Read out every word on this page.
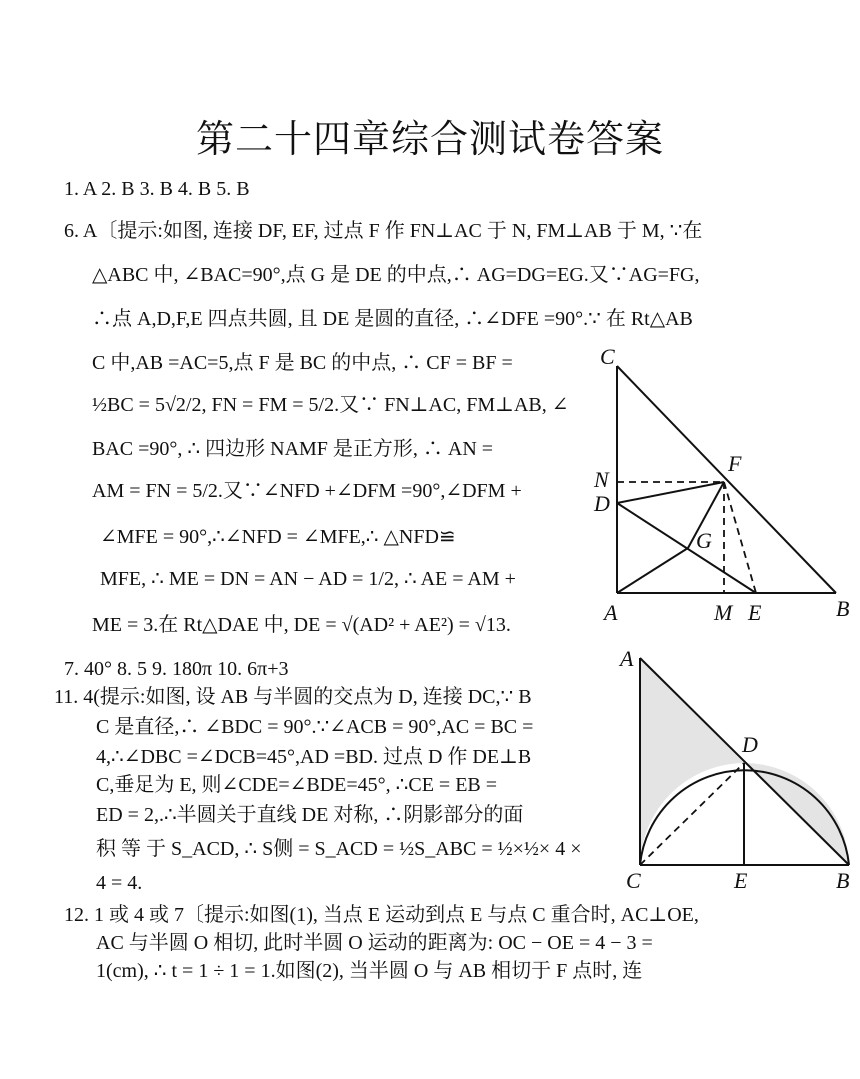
第二十四章综合测试卷答案
1. A 2. B 3. B 4. B 5. B
6. A〔提示:如图, 连接 DF, EF, 过点 F 作 FN⊥AC 于 N, FM⊥AB 于 M, ∵在
△ABC 中, ∠BAC=90°,点 G 是 DE 的中点,∴ AG=DG=EG.又∵AG=FG,
∴点 A,D,F,E 四点共圆, 且 DE 是圆的直径, ∴∠DFE =90°.∵ 在 Rt△AB
C 中,AB =AC=5,点 F 是 BC 的中点, ∴ CF = BF =
½BC = 5√2/2, FN = FM = 5/2.又∵ FN⊥AC, FM⊥AB, ∠
BAC =90°, ∴ 四边形 NAMF 是正方形, ∴ AN =
AM = FN = 5/2.又∵∠NFD +∠DFM =90°,∠DFM +
∠MFE = 90°,∴∠NFD = ∠MFE,∴ △NFD≌
MFE, ∴ ME = DN = AN − AD = 1/2, ∴ AE = AM +
ME = 3.在 Rt△DAE 中, DE = √(AD² + AE²) = √13.
7. 40° 8. 5 9. 180π 10. 6π+3
11. 4(提示:如图, 设 AB 与半圆的交点为 D, 连接 DC,∵ B
C 是直径,∴ ∠BDC = 90°.∵∠ACB = 90°,AC = BC =
4,∴∠DBC =∠DCB=45°,AD =BD. 过点 D 作 DE⊥B
C,垂足为 E, 则∠CDE=∠BDE=45°, ∴CE = EB =
ED = 2,.∴半圆关于直线 DE 对称, ∴阴影部分的面
积 等 于 S_ACD, ∴ S侧 = S_ACD = ½S_ABC = ½×½× 4 ×
4 = 4.
12. 1 或 4 或 7〔提示:如图(1), 当点 E 运动到点 E 与点 C 重合时, AC⊥OE,
AC 与半圆 O 相切, 此时半圆 O 运动的距离为: OC − OE = 4 − 3 =
1(cm), ∴ t = 1 ÷ 1 = 1.如图(2), 当半圆 O 与 AB 相切于 F 点时, 连
C
N
D
F
G
A	M E	B
A
D
C	E	B
